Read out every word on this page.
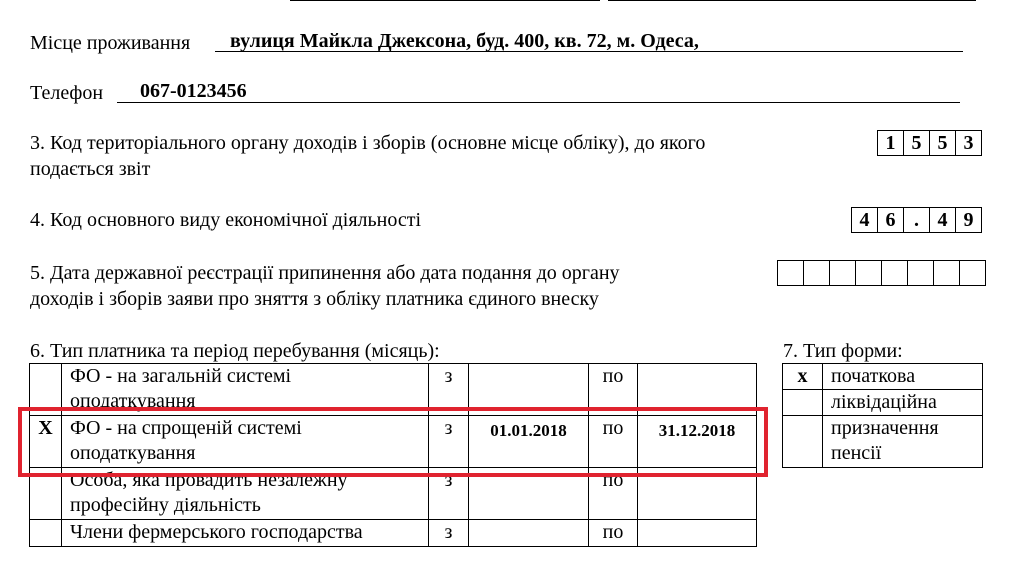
Місце проживання вулиця Майкла Джексона, буд. 400, кв. 72, м. Одеса,
Телефон 067-0123456
3. Код територіального органу доходів і зборів (основне місце обліку), до якого
подається звіт
1 5 5 3
4. Код основного виду економічної діяльності	4 6 . 4 9
5. Дата державної реєстрації припинення або дата подання до органу
доходів і зборів заяви про зняття з обліку платника єдиного внеску
6. Тип платника та період перебування (місяць):

	ФО - на загальній системі
оподаткування	з		по	
X	ФО - на спрощеній системі
оподаткування	з	01.01.2018	по	31.12.2018

	Особа, яка провадить незалежну
професійну діяльність	з		по	

	Члени фермерського господарства	з		по	
7. Тип форми:
x	початкова

	ліквідаційна

	призначення
пенсії
